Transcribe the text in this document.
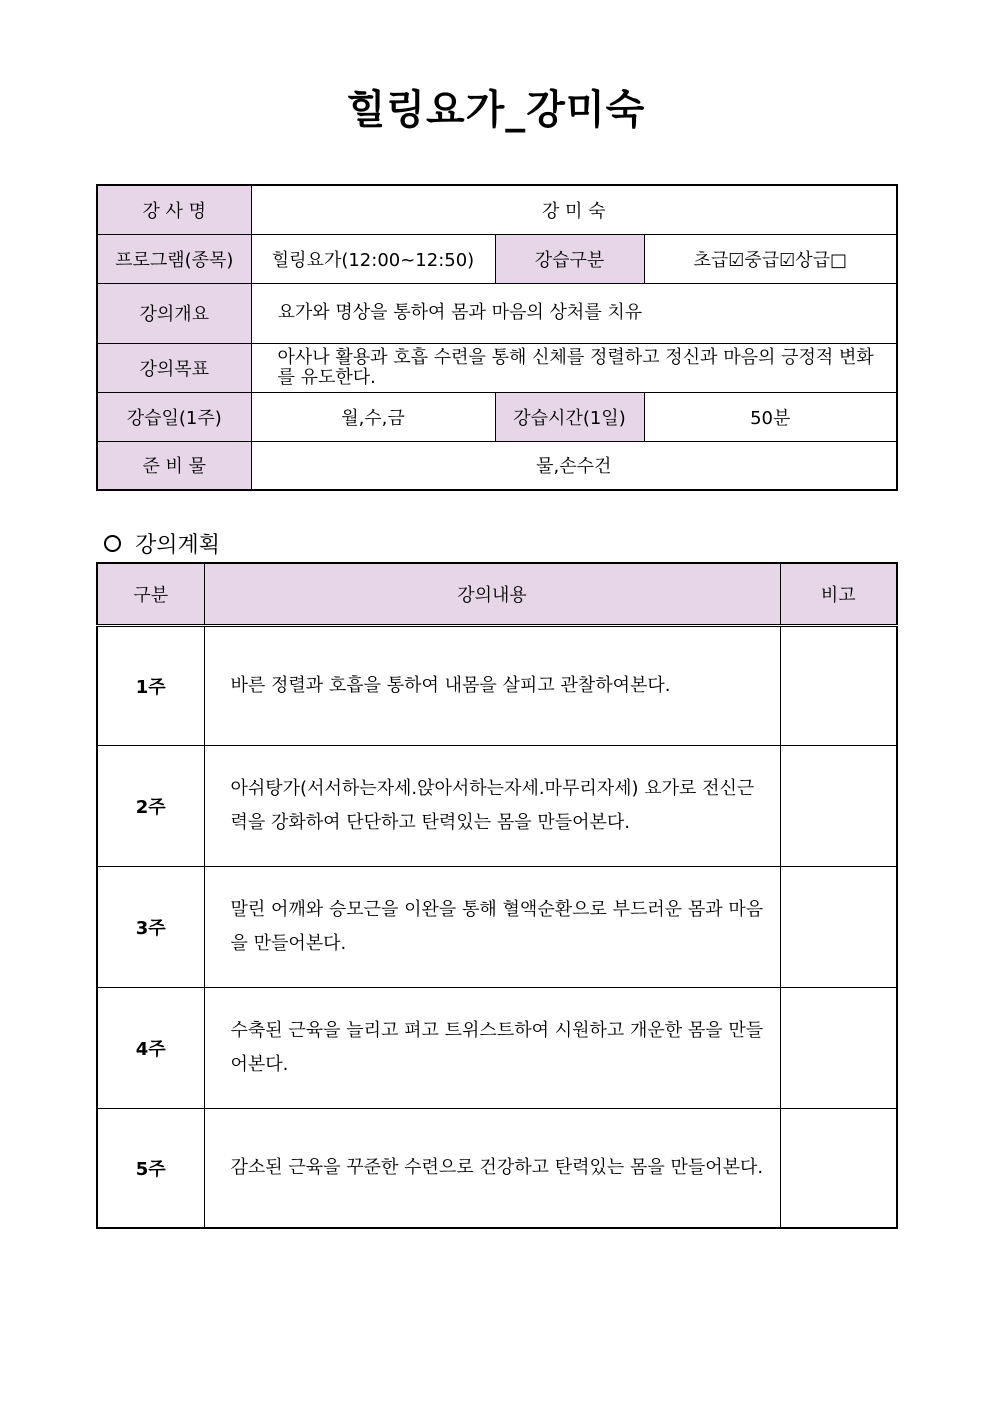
힐링요가_강미숙
강 사 명	강 미 숙		
프로그램(종목)	힐링요가(12:00~12:50)	강습구분	초급☑중급☑상급□
강의개요	요가와 명상을 통하여 몸과 마음의 상처를 치유		
강의목표	아사나 활용과 호흡 수련을 통해 신체를 정렬하고 정신과 마음의 긍정적 변화를 유도한다.		
강습일(1주)	월,수,금	강습시간(1일)	50분
준 비 물	물,손수건		
강의계획
구분	강의내용	비고
1주	바른 정렬과 호흡을 통하여 내몸을 살피고 관찰하여본다.	
2주	아쉬탕가(서서하는자세.앉아서하는자세.마무리자세) 요가로 전신근력을 강화하여 단단하고 탄력있는 몸을 만들어본다.	
3주	말린 어깨와 승모근을 이완을 통해 혈액순환으로 부드러운 몸과 마음을 만들어본다.	
4주	수축된 근육을 늘리고 펴고 트위스트하여 시원하고 개운한 몸을 만들어본다.	
5주	감소된 근육을 꾸준한 수련으로 건강하고 탄력있는 몸을 만들어본다.	
